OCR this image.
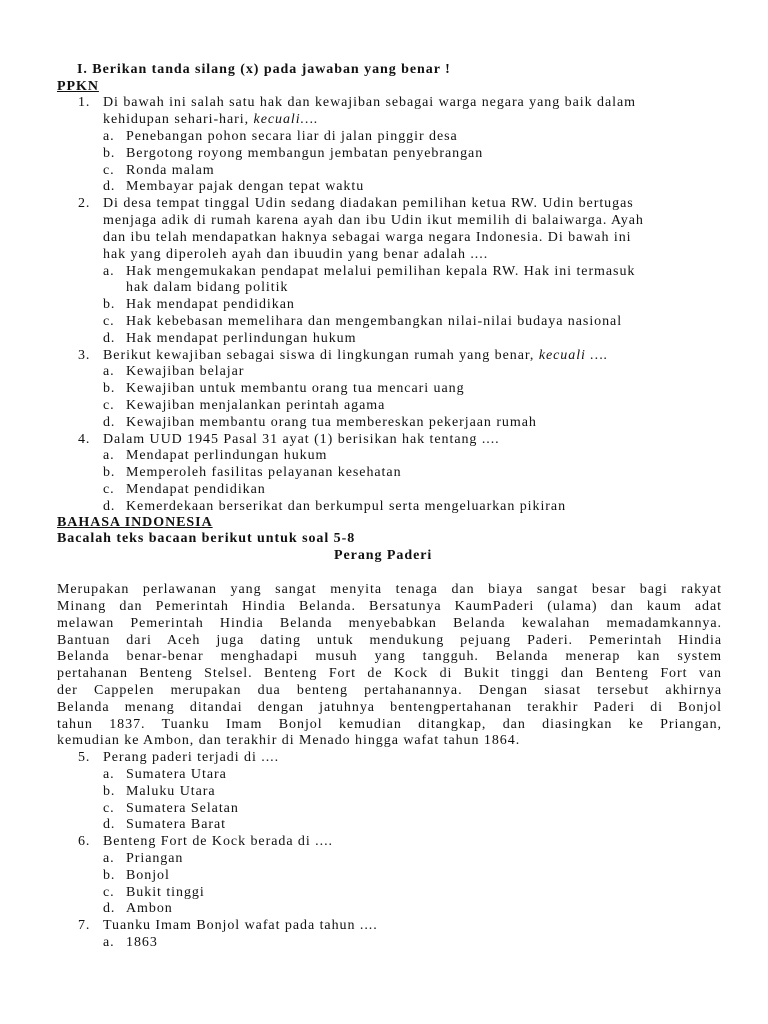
I. Berikan tanda silang (x) pada jawaban yang benar !
PPKN
1. Di bawah ini salah satu hak dan kewajiban sebagai warga negara yang baik dalam
kehidupan sehari-hari, kecuali….
a. Penebangan pohon secara liar di jalan pinggir desa
b. Bergotong royong membangun jembatan penyebrangan
c. Ronda malam
d. Membayar pajak dengan tepat waktu
2. Di desa tempat tinggal Udin sedang diadakan pemilihan ketua RW. Udin bertugas
menjaga adik di rumah karena ayah dan ibu Udin ikut memilih di balaiwarga. Ayah
dan ibu telah mendapatkan haknya sebagai warga negara Indonesia. Di bawah ini
hak yang diperoleh ayah dan ibuudin yang benar adalah ....
a. Hak mengemukakan pendapat melalui pemilihan kepala RW. Hak ini termasuk
hak dalam bidang politik
b. Hak mendapat pendidikan
c. Hak kebebasan memelihara dan mengembangkan nilai-nilai budaya nasional
d. Hak mendapat perlindungan hukum
3. Berikut kewajiban sebagai siswa di lingkungan rumah yang benar, kecuali ….
a. Kewajiban belajar
b. Kewajiban untuk membantu orang tua mencari uang
c. Kewajiban menjalankan perintah agama
d. Kewajiban membantu orang tua membereskan pekerjaan rumah
4. Dalam UUD 1945 Pasal 31 ayat (1) berisikan hak tentang ....
a. Mendapat perlindungan hukum
b. Memperoleh fasilitas pelayanan kesehatan
c. Mendapat pendidikan
d. Kemerdekaan berserikat dan berkumpul serta mengeluarkan pikiran
BAHASA INDONESIA
Bacalah teks bacaan berikut untuk soal 5-8
Perang Paderi
Merupakan perlawanan yang sangat menyita tenaga dan biaya sangat besar bagi rakyat
Minang dan Pemerintah Hindia Belanda. Bersatunya KaumPaderi (ulama) dan kaum adat
melawan Pemerintah Hindia Belanda menyebabkan Belanda kewalahan memadamkannya.
Bantuan dari Aceh juga dating untuk mendukung pejuang Paderi. Pemerintah Hindia
Belanda benar-benar menghadapi musuh yang tangguh. Belanda menerap kan system
pertahanan Benteng Stelsel. Benteng Fort de Kock di Bukit tinggi dan Benteng Fort van
der Cappelen merupakan dua benteng pertahanannya. Dengan siasat tersebut akhirnya
Belanda menang ditandai dengan jatuhnya bentengpertahanan terakhir Paderi di Bonjol
tahun 1837. Tuanku Imam Bonjol kemudian ditangkap, dan diasingkan ke Priangan,
kemudian ke Ambon, dan terakhir di Menado hingga wafat tahun 1864.
5. Perang paderi terjadi di ....
a. Sumatera Utara
b. Maluku Utara
c. Sumatera Selatan
d. Sumatera Barat
6. Benteng Fort de Kock berada di ....
a. Priangan
b. Bonjol
c. Bukit tinggi
d. Ambon
7. Tuanku Imam Bonjol wafat pada tahun ....
a. 1863
